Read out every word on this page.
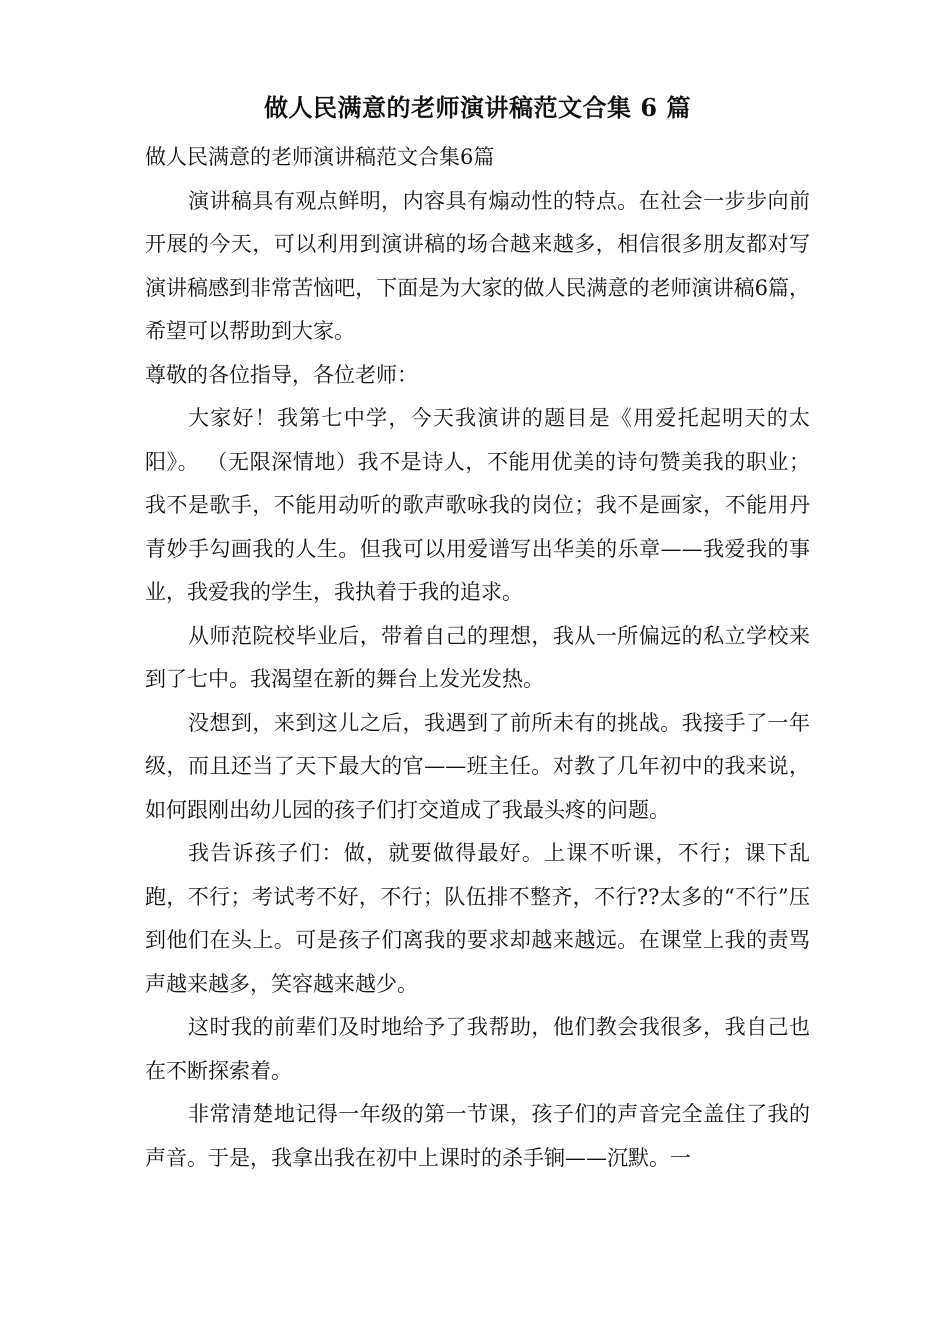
做人民满意的老师演讲稿范文合集 6 篇

做人民满意的老师演讲稿范文合集6篇

演讲稿具有观点鲜明，内容具有煽动性的特点。在社会一步步向前开展的今天，可以利用到演讲稿的场合越来越多，相信很多朋友都对写演讲稿感到非常苦恼吧，下面是为大家的做人民满意的老师演讲稿6篇，希望可以帮助到大家。

尊敬的各位指导，各位老师：

大家好！我第七中学，今天我演讲的题目是《用爱托起明天的太阳》。 （无限深情地）我不是诗人，不能用优美的诗句赞美我的职业；我不是歌手，不能用动听的歌声歌咏我的岗位；我不是画家，不能用丹青妙手勾画我的人生。但我可以用爱谱写出华美的乐章——我爱我的事业，我爱我的学生，我执着于我的追求。

从师范院校毕业后，带着自己的理想，我从一所偏远的私立学校来到了七中。我渴望在新的舞台上发光发热。

没想到，来到这儿之后，我遇到了前所未有的挑战。我接手了一年级，而且还当了天下最大的官——班主任。对教了几年初中的我来说，如何跟刚出幼儿园的孩子们打交道成了我最头疼的问题。

我告诉孩子们：做，就要做得最好。上课不听课，不行；课下乱跑，不行；考试考不好，不行；队伍排不整齐，不行??太多的“不行”压到他们在头上。可是孩子们离我的要求却越来越远。在课堂上我的责骂声越来越多，笑容越来越少。

这时我的前辈们及时地给予了我帮助，他们教会我很多，我自己也在不断探索着。

非常清楚地记得一年级的第一节课，孩子们的声音完全盖住了我的声音。于是，我拿出我在初中上课时的杀手锏——沉默。一
